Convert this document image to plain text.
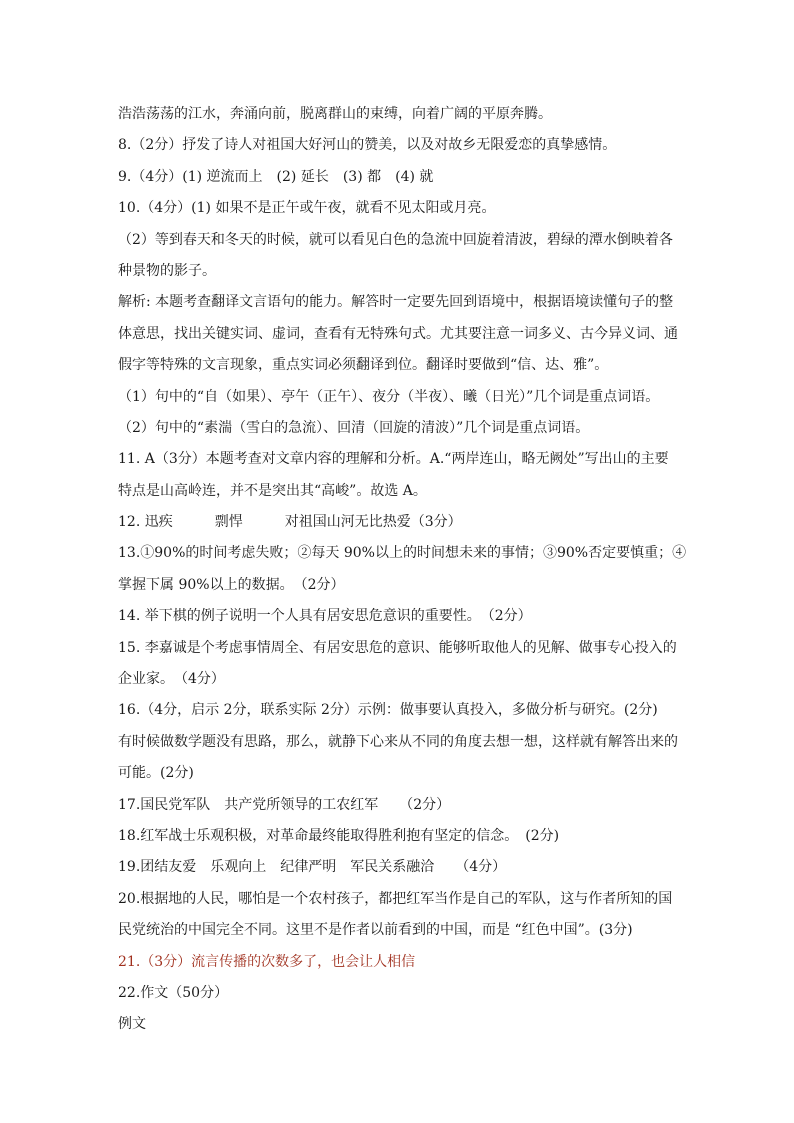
浩浩荡荡的江水，奔涌向前，脱离群山的束缚，向着广阔的平原奔腾。
8.（2分）抒发了诗人对祖国大好河山的赞美，以及对故乡无限爱恋的真挚感情。
9.（4分）(1) 逆流而上　(2) 延长　(3) 都　(4) 就
10.（4分）(1) 如果不是正午或午夜，就看不见太阳或月亮。
（2）等到春天和冬天的时候，就可以看见白色的急流中回旋着清波，碧绿的潭水倒映着各
种景物的影子。
解析: 本题考查翻译文言语句的能力。解答时一定要先回到语境中，根据语境读懂句子的整
体意思，找出关键实词、虚词，查看有无特殊句式。尤其要注意一词多义、古今异义词、通
假字等特殊的文言现象，重点实词必须翻译到位。翻译时要做到“信、达、雅”。
（1）句中的“自（如果）、亭午（正午）、夜分（半夜）、曦（日光）”几个词是重点词语。
（2）句中的“素湍（雪白的急流）、回清（回旋的清波）”几个词是重点词语。
11. A（3分）本题考查对文章内容的理解和分析。A.“两岸连山，略无阙处”写出山的主要
特点是山高岭连，并不是突出其“高峻”。故选 A。
12. 迅疾　　　剽悍　　　对祖国山河无比热爱（3分）
13.①90%的时间考虑失败；②每天 90%以上的时间想未来的事情；③90%否定要慎重；④
掌握下属 90%以上的数据。　（2分）
14. 举下棋的例子说明一个人具有居安思危意识的重要性。　（2分）
15. 李嘉诚是个考虑事情周全、有居安思危的意识、能够听取他人的见解、做事专心投入的
企业家。　（4分）
16.（4分，启示 2分，联系实际 2分）示例：做事要认真投入，多做分析与研究。(2分)
有时候做数学题没有思路，那么，就静下心来从不同的角度去想一想，这样就有解答出来的
可能。(2分)
17.国民党军队　共产党所领导的工农红军　　（2分）
18.红军战士乐观积极，对革命最终能取得胜利抱有坚定的信念。　(2分)
19.团结友爱　乐观向上　纪律严明　军民关系融洽　　（4分）
20.根据地的人民，哪怕是一个农村孩子，都把红军当作是自己的军队，这与作者所知的国
民党统治的中国完全不同。这里不是作者以前看到的中国，而是 “红色中国”。(3分)
21.（3分）流言传播的次数多了，也会让人相信
22.作文（50分）
例文
